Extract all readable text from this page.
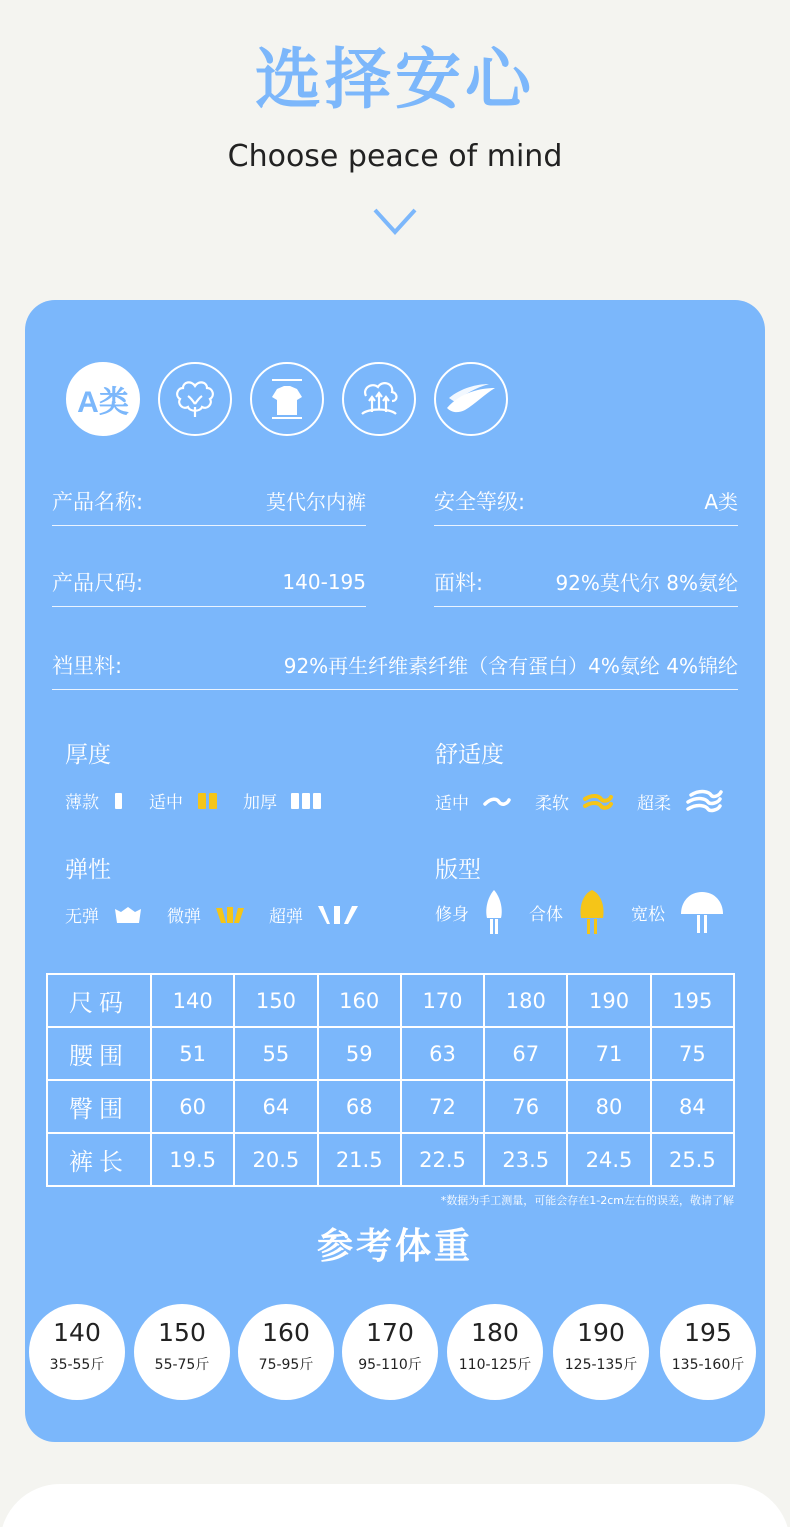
选择安心
Choose peace of mind
A类
产品名称:	莫代尔内裤	安全等级:	A类
产品尺码:	140-195	面料:	92%莫代尔 8%氨纶
裆里料:	92%再生纤维素纤维（含有蛋白）4%氨纶 4%锦纶
厚度
薄款	适中	加厚
舒适度
适中	柔软	超柔
弹性
无弹	微弹	超弹
版型
修身	合体	宽松
尺码	140	150	160	170	180	190	195
腰围	51	55	59	63	67	71	75
臀围	60	64	68	72	76	80	84
裤长	19.5	20.5	21.5	22.5	23.5	24.5	25.5
*数据为手工测量，可能会存在1-2cm左右的误差，敬请了解
参考体重
140
35-55斤
150
55-75斤
160
75-95斤
170
95-110斤
180
110-125斤
190
125-135斤
195
135-160斤
